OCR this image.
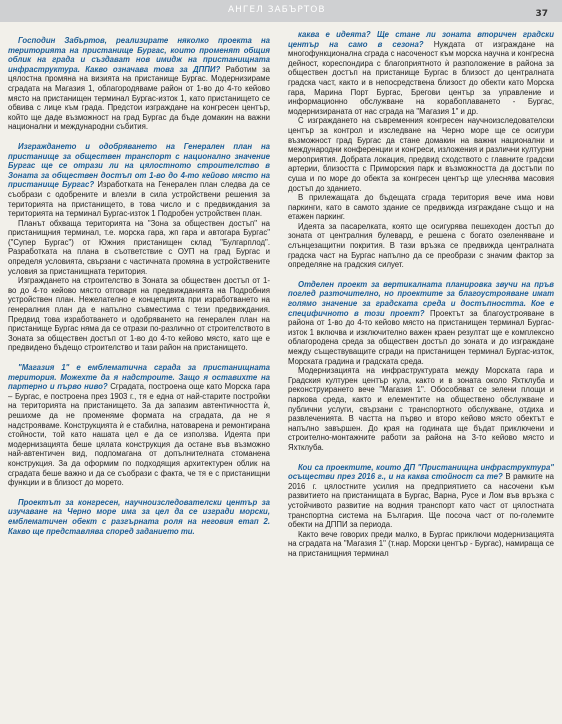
АНГЕЛ ЗАБЪРТОВ	37

Господин Забъртов, реализирате няколко проекта на територията на пристанище Бургас, които променят общия облик на града и създават нов имидж на пристанищната инфраструктура. Какво означава това за ДППИ? Работим за цялостна промяна на визията на пристанище Бургас. Модернизираме сградата на Магазия 1, облагородяваме район от 1-во до 4-то кейово място на пристанищен терминал Бургас-изток 1, като пристанището се обвива с лице към града. Предстои изграждане на конгресен център, който ще даде възможност на град Бургас да бъде домакин на важни национални и международни събития.

Изграждането и одобряването на Генерален план на пристанище за обществен транспорт с национално значение Бургас ще се отрази ли на цялостното строителство в Зоната за обществен достъп от 1-во до 4-то кейово място на пристанище Бургас? Изработката на Генерален план следва да се съобрази с одобрените и влезли в сила устройствени решения за територията на пристанището, в това число и с предвиждания за територията на терминал Бургас-изток 1 Подробен устройствен план.

Планът обхваща територията на "Зона за обществен достъп" на пристанищния терминал, т.е. морска гара, жп гара и автогара Бургас" ("Супер Бургас") от Южния пристанищен склад "Булгарплод". Разработката на плана в съответствие с ОУП на град Бургас и определя условията, свързани с частичната промяна в устройствените условия за пристанищната територия.

Изграждането на строителство в Зоната за обществен достъп от 1-во до 4-то кейово място отговаря на предвижданията на Подробния устройствен план. Нежелателно е концепцията при изработването на генералния план да е напълно съвместима с тези предвиждания. Предвид това изработването и одобряването на генерален план на пристанище Бургас няма да се отрази по-различно от строителството в Зоната за обществен достъп от 1-во до 4-то кейово място, като ще е предвидено бъдещо строителство и тази район на пристанището.

"Магазия 1" е емблематична сграда за пристанищната територия. Можехте да я надстроите. Защо я оставихте на партерно и първо ниво? Сградата, построена още като Морска гара – Бургас, е построена през 1903 г., тя е една от най-старите постройки на територията на пристанището. За да запазим автентичността ѝ, решихме да не променяме формата на сградата, да не я надстрояваме. Конструкцията ѝ е стабилна, натоварена и ремонтирана стойности, той като нашата цел е да се използва. Идеята при модернизацията беше цялата конструкция да остане във възможно най-автентичен вид, подпомагана от допълнителната стоманена конструкция. За да оформим по подходящия архитектурен облик на сградата беше важно и да се съобрази с факта, че тя е с пристанищни функции и в близост до морето.

Проектът за конгресен, научноизследователски център за изучаване на Черно море има за цел да се изгради морски, емблематичен обект с разгърната роля на неговия етап 2. Какво ще представлява според заданието ти.

каква е идеята? Ще стане ли зоната вторичен градски център на само в сезона? Нуждата от изграждане на многофункционална сграда с насоченост към морска научна и конгресна дейност, кореспондира с благоприятното ѝ разположение в района за обществен достъп на пристанище Бургас в близост до централната градска част, както и в непосредствена близост до обекти като Морска гара, Марина Порт Бургас, Брегови център за управление и информационно обслужване на корабоплаването - Бургас, модернизираната от нас сграда на "Магазия 1" и др.

С изграждането на съвременния конгресен научноизследователски център за контрол и изследване на Черно море ще се осигури възможност град Бургас да стане домакин на важни национални и международни конференции и конгреси, изложения и различни културни мероприятия. Добрата локация, предвид сходството с главните градски артерии, близостта с Приморския парк и възможността да достъпи по суша и по море до обекта за конгресен център ще улеснява масовия достъп до зданието.

В прилежащата до бъдещата сграда територия вече има нови паркинги, като в самото здание се предвижда изграждане също и на етажен паркинг.

Идеята за пасарелката, която ще осигурява пешеходен достъп до зоната от централния булевард, е решена с богато озеленяване и слънцезащитни покрития. В тази връзка се предвижда централната градска част на Бургас напълно да се преобрази с значим фактор за определяне на градския силует.

Отделен проект за вертикалната планировка звучи на пръв поглед разточително, но проектите за благоустрояване имат голямо значение за градската среда и достъпността. Кое е специфичното в този проект? Проектът за благоустрояване в района от 1-во до 4-то кейово място на пристанищен терминал Бургас-изток 1 включва и изключително важен краен резултат ще е комплексно облагородена среда за обществен достъп до зоната и до изграждане между съществуващите сгради на пристанищен терминал Бургас-изток, Морската градина и градската среда.

Модернизацията на инфраструктурата между Морската гара и Градския културен център кула, както и в зоната около Яхтклуба и реконструирането вече "Магазия 1". Обособяват се зелени площи и паркова среда, както и елементите на обществено обслужване и публични услуги, свързани с транспортното обслужване, отдиха и развлеченията. В частта на първо и второ кейово място обектът е напълно завършен. До края на годината ще бъдат приключени и строително-монтажните работи за района на 3-то кейово място и Яхтклуба.

Кои са проектите, които ДП "Пристанищна инфраструктура" осъществи през 2016 г., и на каква стойност са те? В рамките на 2016 г. цялостните усилия на предприятието са насочени към развитието на пристанищата в Бургас, Варна, Русе и Лом във връзка с устойчивото развитие на водния транспорт като част от цялостната транспортна система на България. Ще посоча част от по-големите обекти на ДППИ за периода.

Както вече говорих преди малко, в Бургас приключи модернизацията на сградата на "Магазия 1" (т.нар. Морски център - Бургас), намираща се на пристанищния терминал
